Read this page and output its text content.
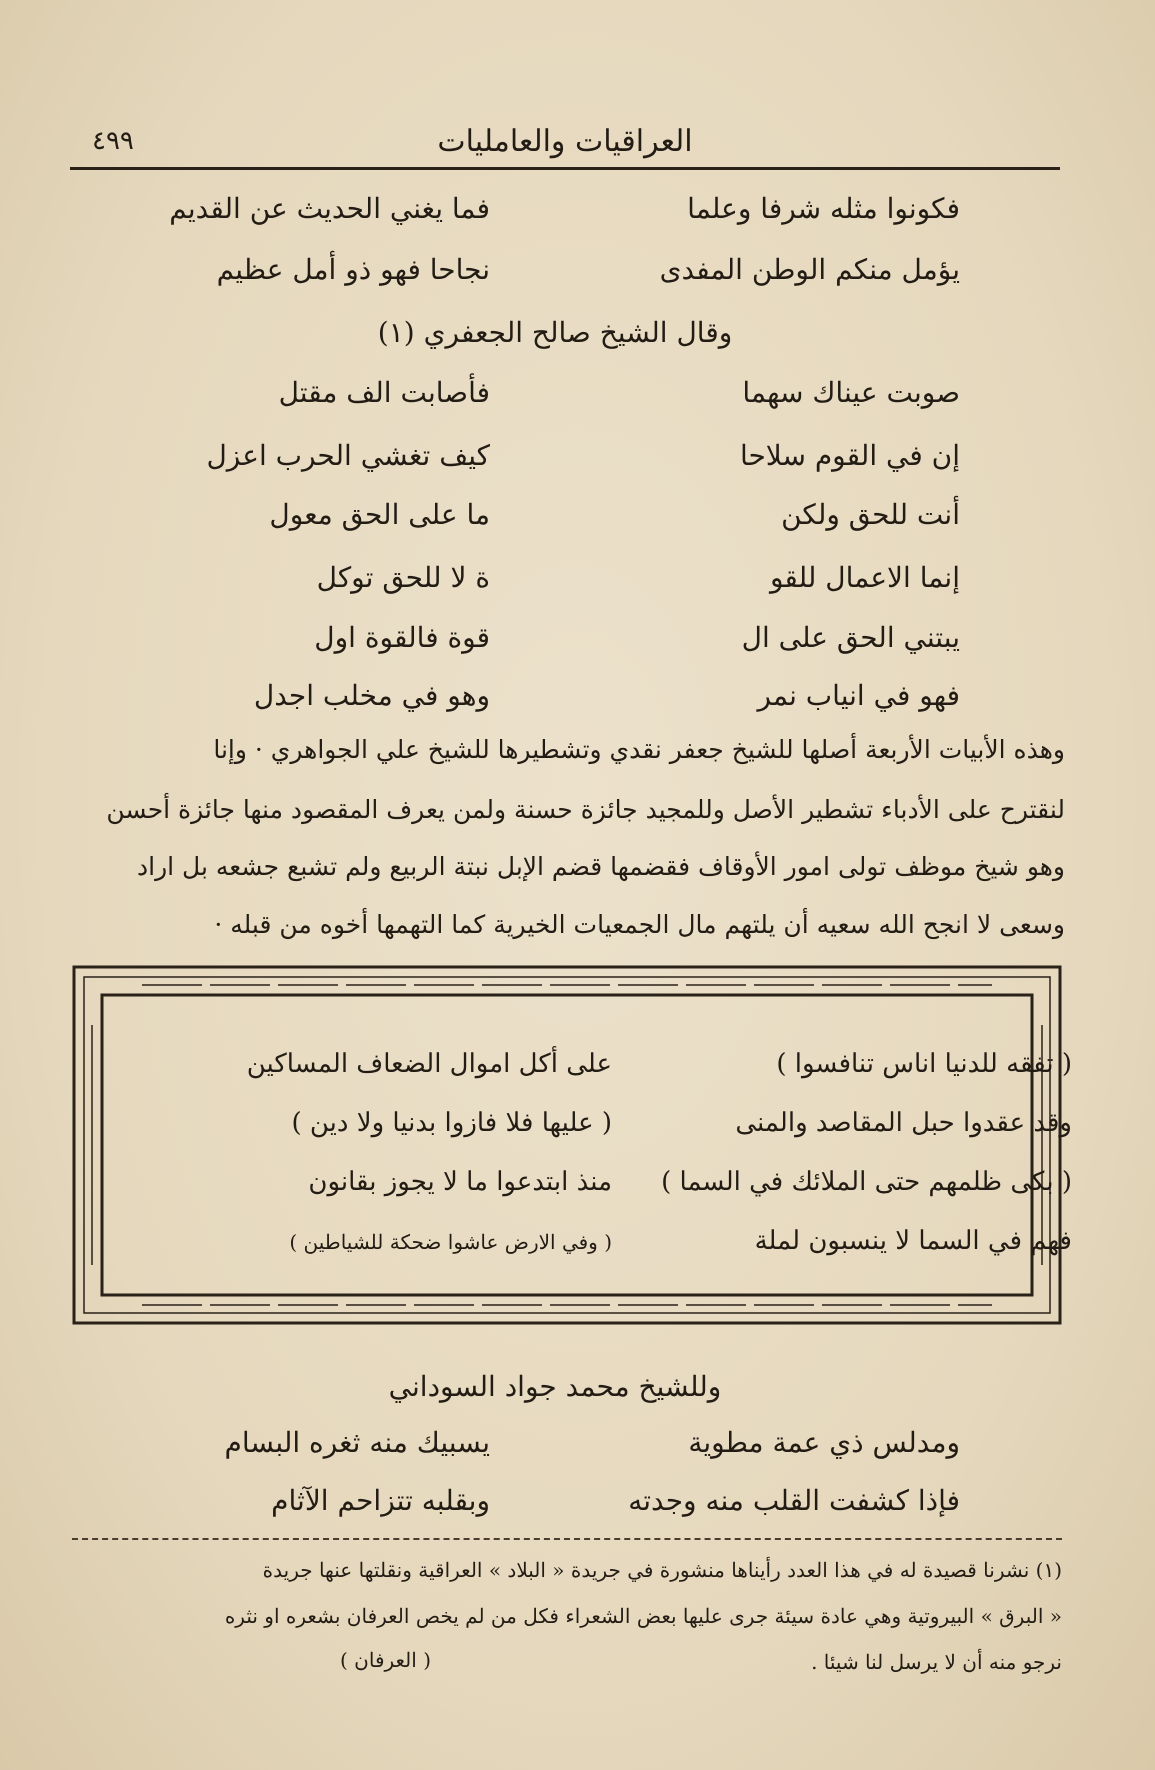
العراقيات والعامليات
٤٩٩
فكونوا مثله شرفا وعلما
فما يغني الحديث عن القديم
يؤمل منكم الوطن المفدى
نجاحا فهو ذو أمل عظيم
وقال الشيخ صالح الجعفري (١)
صوبت عيناك سهما
فأصابت الف مقتل
إن في القوم سلاحا
كيف تغشي الحرب اعزل
أنت للحق ولكن
ما على الحق معول
إنما الاعمال للقو
ة لا للحق توكل
يبتني الحق على ال
قوة فالقوة اول
فهو في انياب نمر
وهو في مخلب اجدل
وهذه الأبيات الأربعة أصلها للشيخ جعفر نقدي وتشطيرها للشيخ علي الجواهري · وإنا
لنقترح على الأدباء تشطير الأصل وللمجيد جائزة حسنة ولمن يعرف المقصود منها جائزة أحسن
وهو شيخ موظف تولى امور الأوقاف فقضمها قضم الإبل نبتة الربيع ولم تشبع جشعه بل اراد
وسعى لا انجح الله سعيه أن يلتهم مال الجمعيات الخيرية كما التهمها أخوه من قبله ·
( تفقه للدنيا اناس تنافسوا )
على أكل اموال الضعاف المساكين
وقد عقدوا حبل المقاصد والمنى
( عليها فلا فازوا بدنيا ولا دين )
( بكى ظلمهم حتى الملائك في السما )
منذ ابتدعوا ما لا يجوز بقانون
فهم في السما لا ينسبون لملة
( وفي الارض عاشوا ضحكة للشياطين )
وللشيخ محمد جواد السوداني
ومدلس ذي عمة مطوية
يسبيك منه ثغره البسام
فإذا كشفت القلب منه وجدته
وبقلبه تتزاحم الآثام
(١) نشرنا قصيدة له في هذا العدد رأيناها منشورة في جريدة « البلاد » العراقية ونقلتها عنها جريدة
« البرق » البيروتية وهي عادة سيئة جرى عليها بعض الشعراء فكل من لم يخص العرفان بشعره او نثره
نرجو منه أن لا يرسل لنا شيئا .
( العرفان )
